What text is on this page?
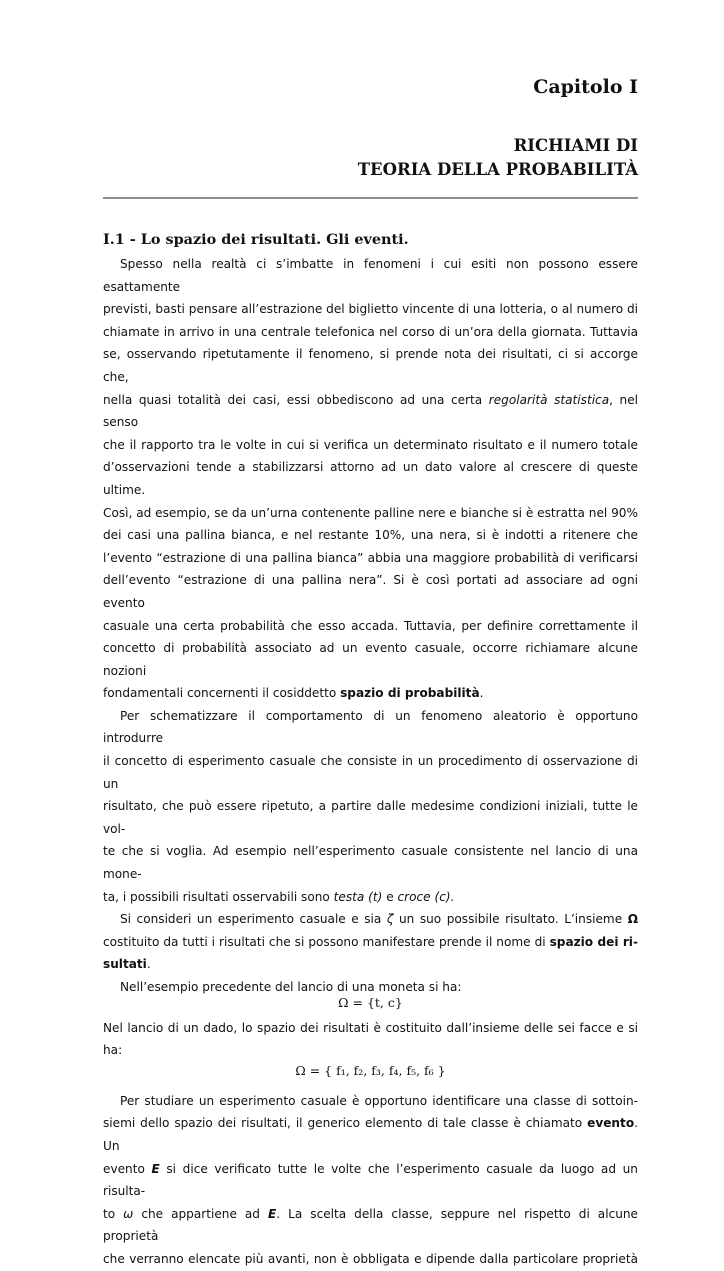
Capitolo I
RICHIAMI DI
TEORIA DELLA PROBABILITÀ
I.1 - Lo spazio dei risultati. Gli eventi.
Spesso nella realtà ci s’imbatte in fenomeni i cui esiti non possono essere esattamente
previsti, basti pensare all’estrazione del biglietto vincente di una lotteria, o al numero di
chiamate in arrivo in una centrale telefonica nel corso di un’ora della giornata. Tuttavia
se, osservando ripetutamente il fenomeno, si prende nota dei risultati, ci si accorge che,
nella quasi totalità dei casi, essi obbediscono ad una certa regolarità statistica, nel senso
che il rapporto tra le volte in cui si verifica un determinato risultato e il numero totale
d’osservazioni tende a stabilizzarsi attorno ad un dato valore al crescere di queste ultime.
Così, ad esempio, se da un’urna contenente palline nere e bianche si è estratta nel 90%
dei casi una pallina bianca, e nel restante 10%, una nera, si è indotti a ritenere che
l’evento “estrazione di una pallina bianca” abbia una maggiore probabilità di verificarsi
dell’evento “estrazione di una pallina nera”. Si è così portati ad associare ad ogni evento
casuale una certa probabilità che esso accada. Tuttavia, per definire correttamente il
concetto di probabilità associato ad un evento casuale, occorre richiamare alcune nozioni
fondamentali concernenti il cosiddetto spazio di probabilità.
Per schematizzare il comportamento di un fenomeno aleatorio è opportuno introdurre
il concetto di esperimento casuale che consiste in un procedimento di osservazione di un
risultato, che può essere ripetuto, a partire dalle medesime condizioni iniziali, tutte le vol-
te che si voglia. Ad esempio nell’esperimento casuale consistente nel lancio di una mone-
ta, i possibili risultati osservabili sono testa (t) e croce (c).
Si consideri un esperimento casuale e sia ζ un suo possibile risultato. L’insieme Ω
costituito da tutti i risultati che si possono manifestare prende il nome di spazio dei ri-
sultati.
Nell’esempio precedente del lancio di una moneta si ha:
Ω = {t, c}
Nel lancio di un dado, lo spazio dei risultati è costituito dall’insieme delle sei facce e si
ha:
Ω = { f₁, f₂, f₃, f₄, f₅, f₆ }
Per studiare un esperimento casuale è opportuno identificare una classe di sottoin-
siemi dello spazio dei risultati, il generico elemento di tale classe è chiamato evento. Un
evento E si dice verificato tutte le volte che l’esperimento casuale da luogo ad un risulta-
to ω che appartiene ad E. La scelta della classe, seppure nel rispetto di alcune proprietà
che verranno elencate più avanti, non è obbligata e dipende dalla particolare proprietà
